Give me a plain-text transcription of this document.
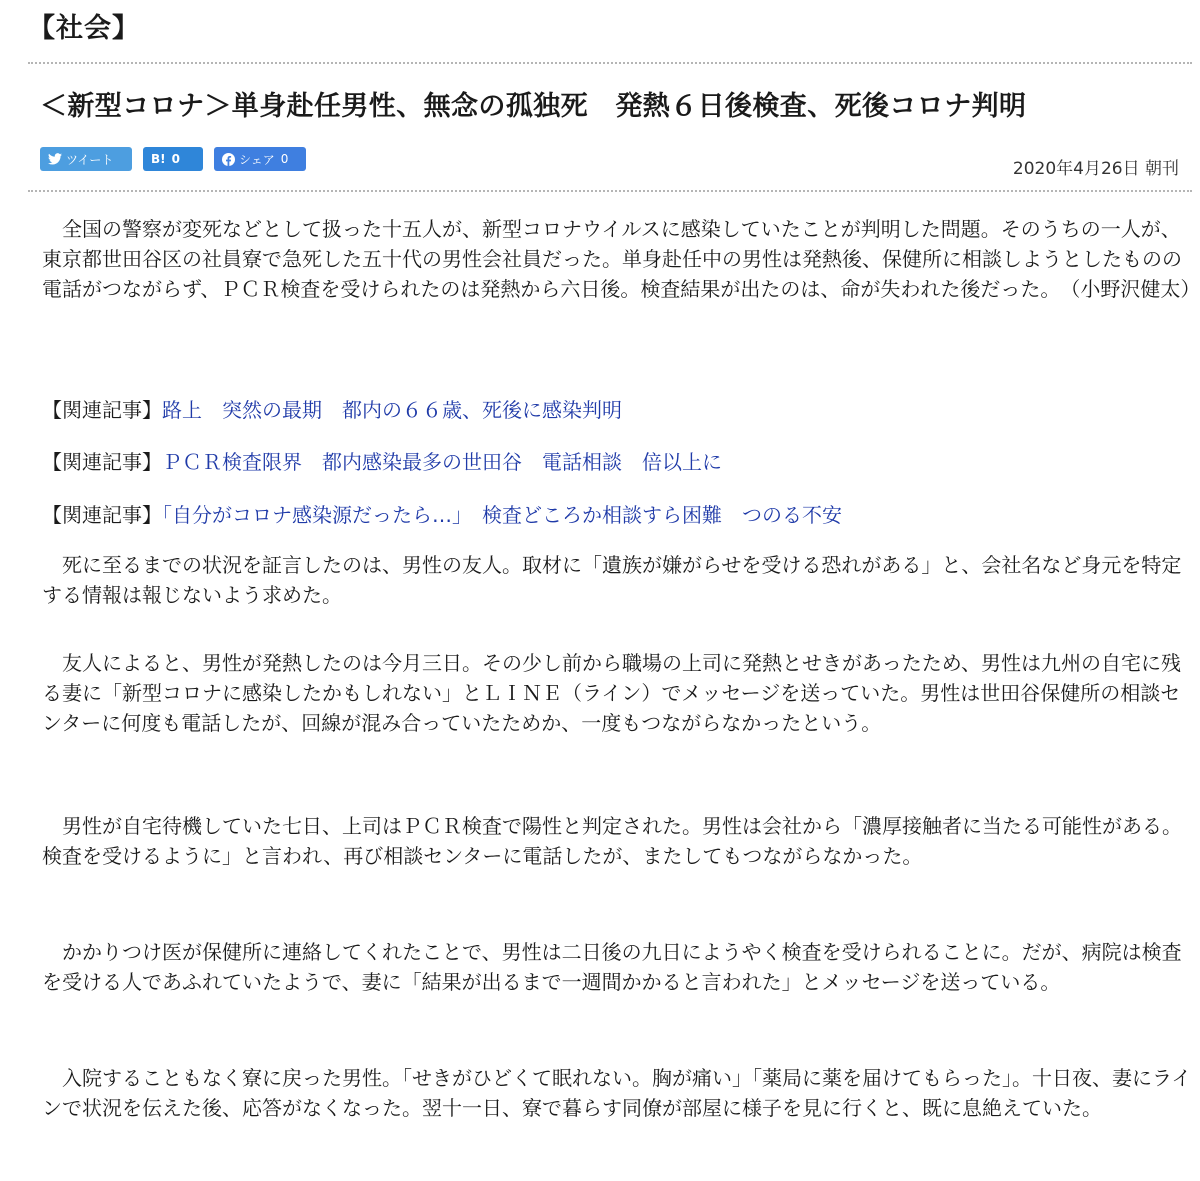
【社会】
＜新型コロナ＞単身赴任男性、無念の孤独死　発熱６日後検査、死後コロナ判明
ツイート	B! 0	シェア 0	2020年4月26日 朝刊

　全国の警察が変死などとして扱った十五人が、新型コロナウイルスに感染していたことが判明した問題。そのうちの一人が、東京都世田谷区の社員寮で急死した五十代の男性会社員だった。単身赴任中の男性は発熱後、保健所に相談しようとしたものの電話がつながらず、ＰＣＲ検査を受けられたのは発熱から六日後。検査結果が出たのは、命が失われた後だった。　（小野沢健太）

【関連記事】路上　突然の最期　都内の６６歳、死後に感染判明
【関連記事】ＰＣＲ検査限界　都内感染最多の世田谷　電話相談　倍以上に
【関連記事】「自分がコロナ感染源だったら…」　検査どころか相談すら困難　つのる不安

　死に至るまでの状況を証言したのは、男性の友人。取材に「遺族が嫌がらせを受ける恐れがある」と、会社名など身元を特定する情報は報じないよう求めた。

　友人によると、男性が発熱したのは今月三日。その少し前から職場の上司に発熱とせきがあったため、男性は九州の自宅に残る妻に「新型コロナに感染したかもしれない」とＬＩＮＥ（ライン）でメッセージを送っていた。男性は世田谷保健所の相談センターに何度も電話したが、回線が混み合っていたためか、一度もつながらなかったという。

　男性が自宅待機していた七日、上司はＰＣＲ検査で陽性と判定された。男性は会社から「濃厚接触者に当たる可能性がある。検査を受けるように」と言われ、再び相談センターに電話したが、またしてもつながらなかった。

　かかりつけ医が保健所に連絡してくれたことで、男性は二日後の九日にようやく検査を受けられることに。だが、病院は検査を受ける人であふれていたようで、妻に「結果が出るまで一週間かかると言われた」とメッセージを送っている。

　入院することもなく寮に戻った男性。「せきがひどくて眠れない。胸が痛い」「薬局に薬を届けてもらった」。十日夜、妻にラインで状況を伝えた後、応答がなくなった。翌十一日、寮で暮らす同僚が部屋に様子を見に行くと、既に息絶えていた。
